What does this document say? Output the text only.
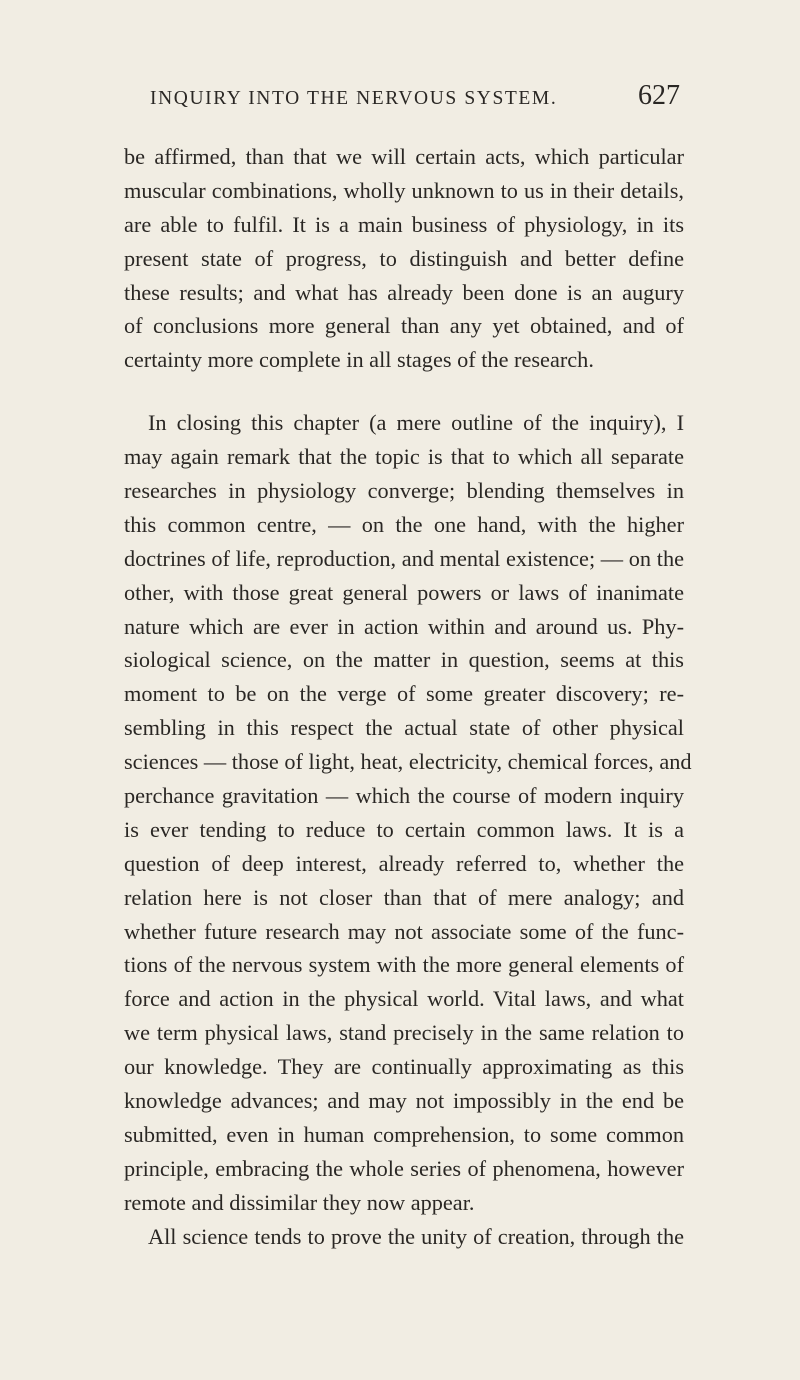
INQUIRY INTO THE NERVOUS SYSTEM.	627
be affirmed, than that we will certain acts, which particular
muscular combinations, wholly unknown to us in their details,
are able to fulfil. It is a main business of physiology, in its
present state of progress, to distinguish and better define
these results; and what has already been done is an augury
of conclusions more general than any yet obtained, and of
certainty more complete in all stages of the research.
In closing this chapter (a mere outline of the inquiry), I
may again remark that the topic is that to which all separate
researches in physiology converge; blending themselves in
this common centre, — on the one hand, with the higher
doctrines of life, reproduction, and mental existence; — on the
other, with those great general powers or laws of inanimate
nature which are ever in action within and around us. Phy-
siological science, on the matter in question, seems at this
moment to be on the verge of some greater discovery; re-
sembling in this respect the actual state of other physical
sciences — those of light, heat, electricity, chemical forces, and
perchance gravitation — which the course of modern inquiry
is ever tending to reduce to certain common laws. It is a
question of deep interest, already referred to, whether the
relation here is not closer than that of mere analogy; and
whether future research may not associate some of the func-
tions of the nervous system with the more general elements of
force and action in the physical world. Vital laws, and what
we term physical laws, stand precisely in the same relation to
our knowledge. They are continually approximating as this
knowledge advances; and may not impossibly in the end be
submitted, even in human comprehension, to some common
principle, embracing the whole series of phenomena, however
remote and dissimilar they now appear.
All science tends to prove the unity of creation, through the
